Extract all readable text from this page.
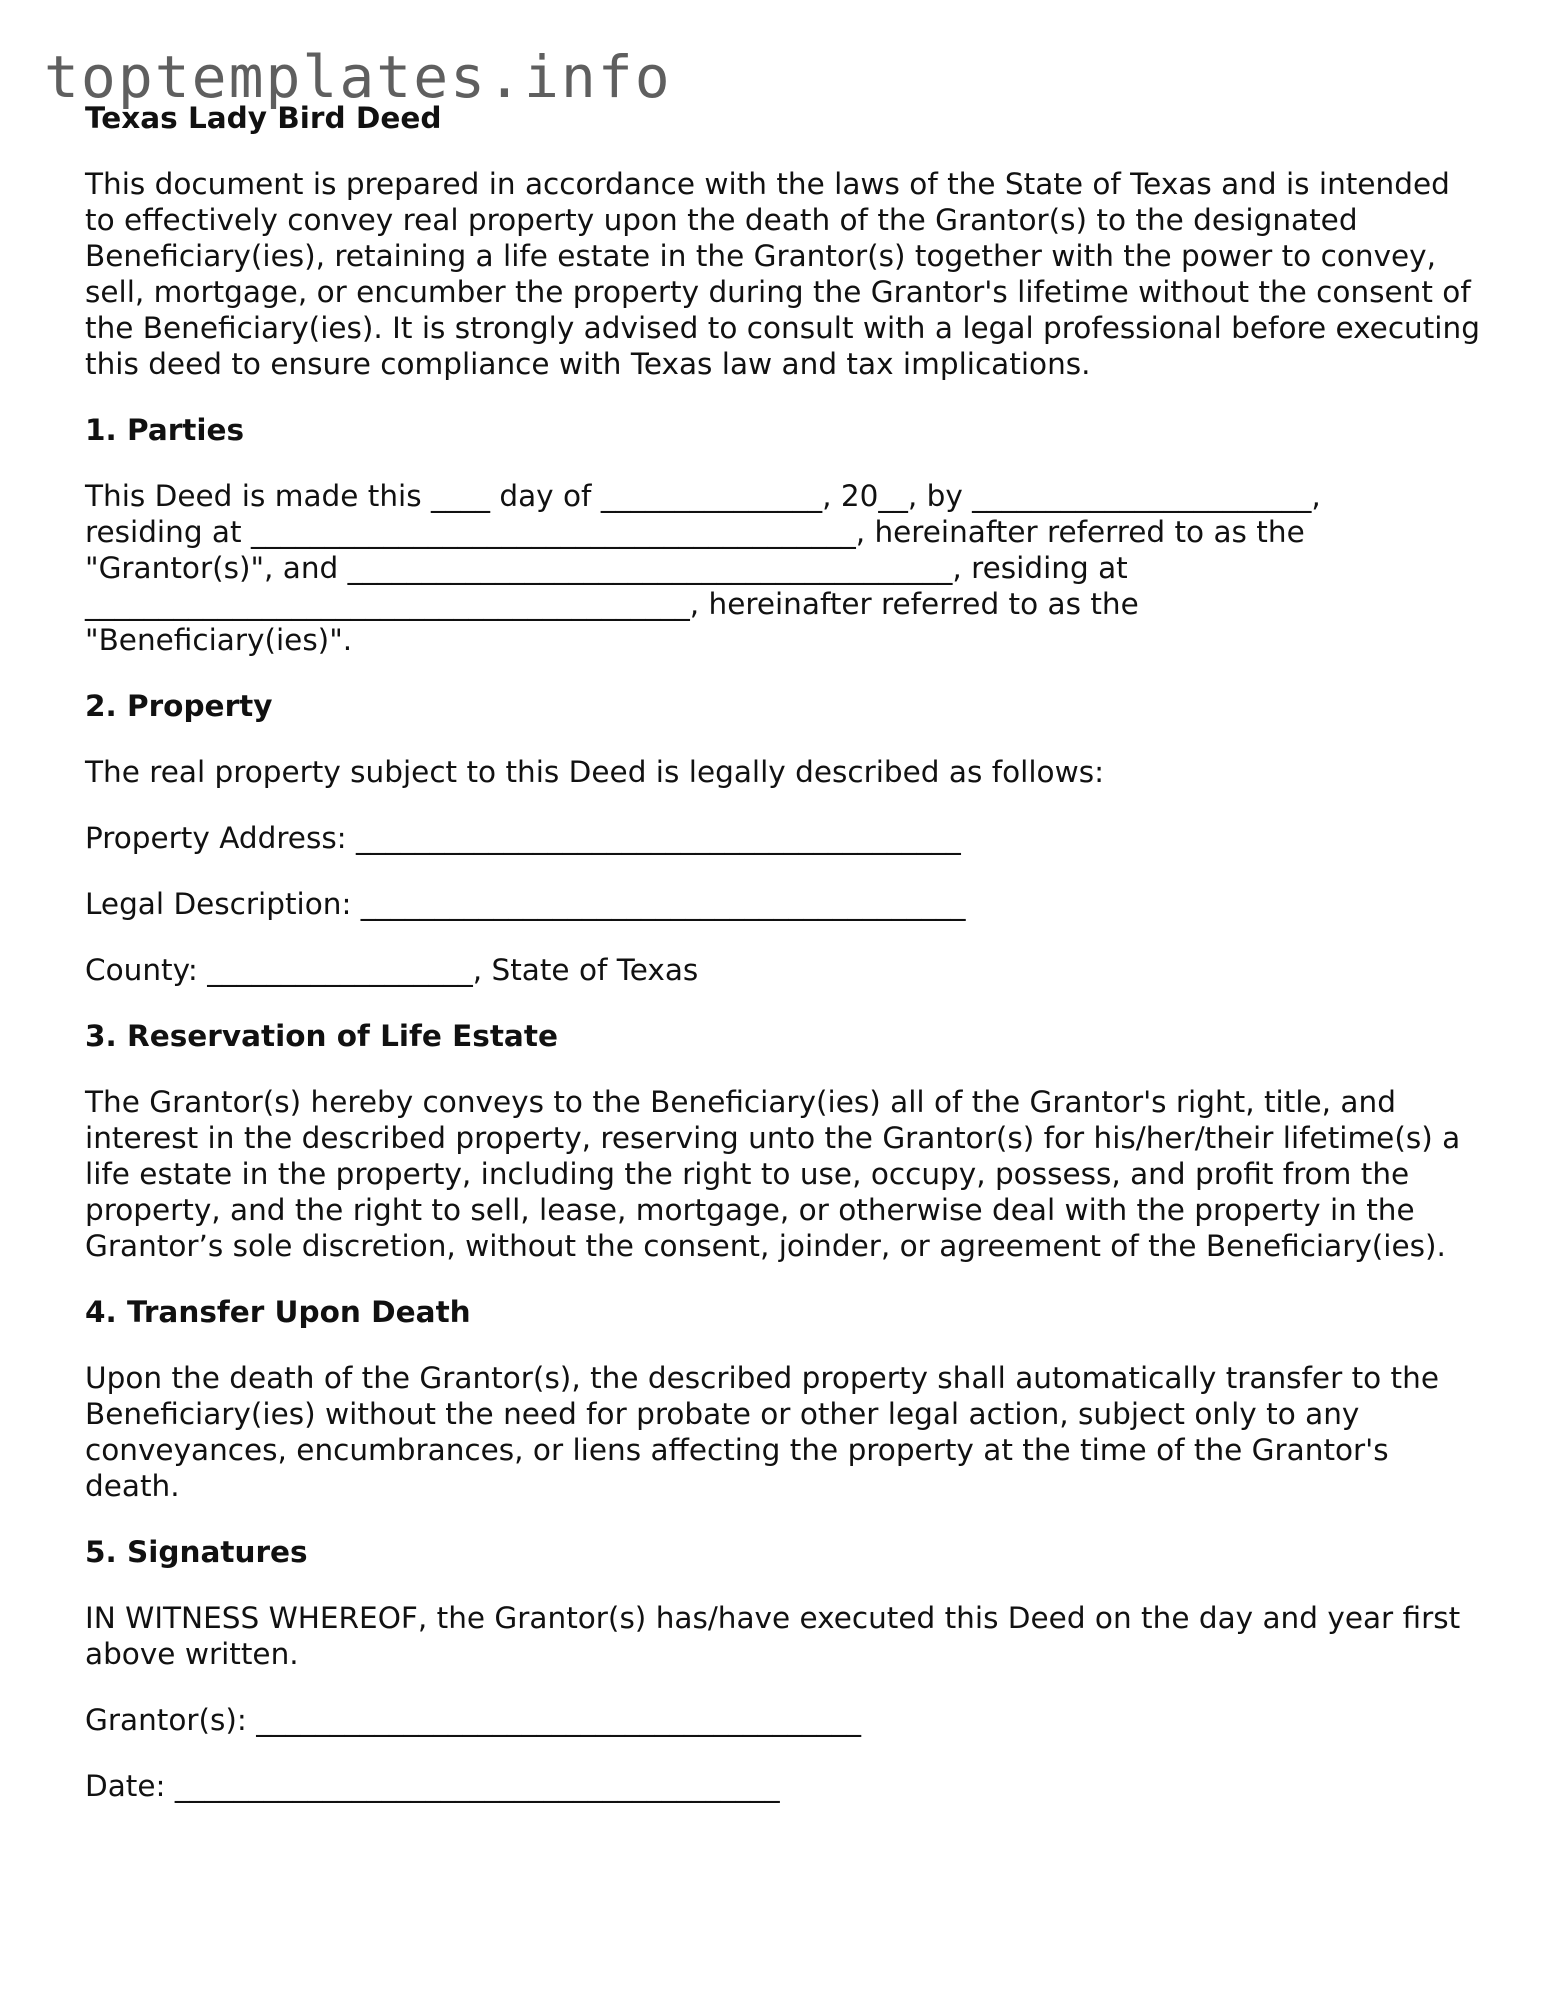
toptemplates.info
Texas Lady Bird Deed

This document is prepared in accordance with the laws of the State of Texas and is intended to effectively convey real property upon the death of the Grantor(s) to the designated Beneficiary(ies), retaining a life estate in the Grantor(s) together with the power to convey, sell, mortgage, or encumber the property during the Grantor's lifetime without the consent of the Beneficiary(ies). It is strongly advised to consult with a legal professional before executing this deed to ensure compliance with Texas law and tax implications.

1. Parties

This Deed is made this ____ day of _______________, 20__, by _______________________,
residing at _________________________________________, hereinafter referred to as the
"Grantor(s)", and _________________________________________, residing at
_________________________________________, hereinafter referred to as the
"Beneficiary(ies)".

2. Property

The real property subject to this Deed is legally described as follows:

Property Address: _________________________________________
Legal Description: _________________________________________
County: __________________, State of Texas
3. Reservation of Life Estate

The Grantor(s) hereby conveys to the Beneficiary(ies) all of the Grantor's right, title, and interest in the described property, reserving unto the Grantor(s) for his/her/their lifetime(s) a life estate in the property, including the right to use, occupy, possess, and profit from the property, and the right to sell, lease, mortgage, or otherwise deal with the property in the Grantor’s sole discretion, without the consent, joinder, or agreement of the Beneficiary(ies).

4. Transfer Upon Death

Upon the death of the Grantor(s), the described property shall automatically transfer to the Beneficiary(ies) without the need for probate or other legal action, subject only to any conveyances, encumbrances, or liens affecting the property at the time of the Grantor's death.

5. Signatures

IN WITNESS WHEREOF, the Grantor(s) has/have executed this Deed on the day and year first above written.

Grantor(s): _________________________________________
Date: _________________________________________
